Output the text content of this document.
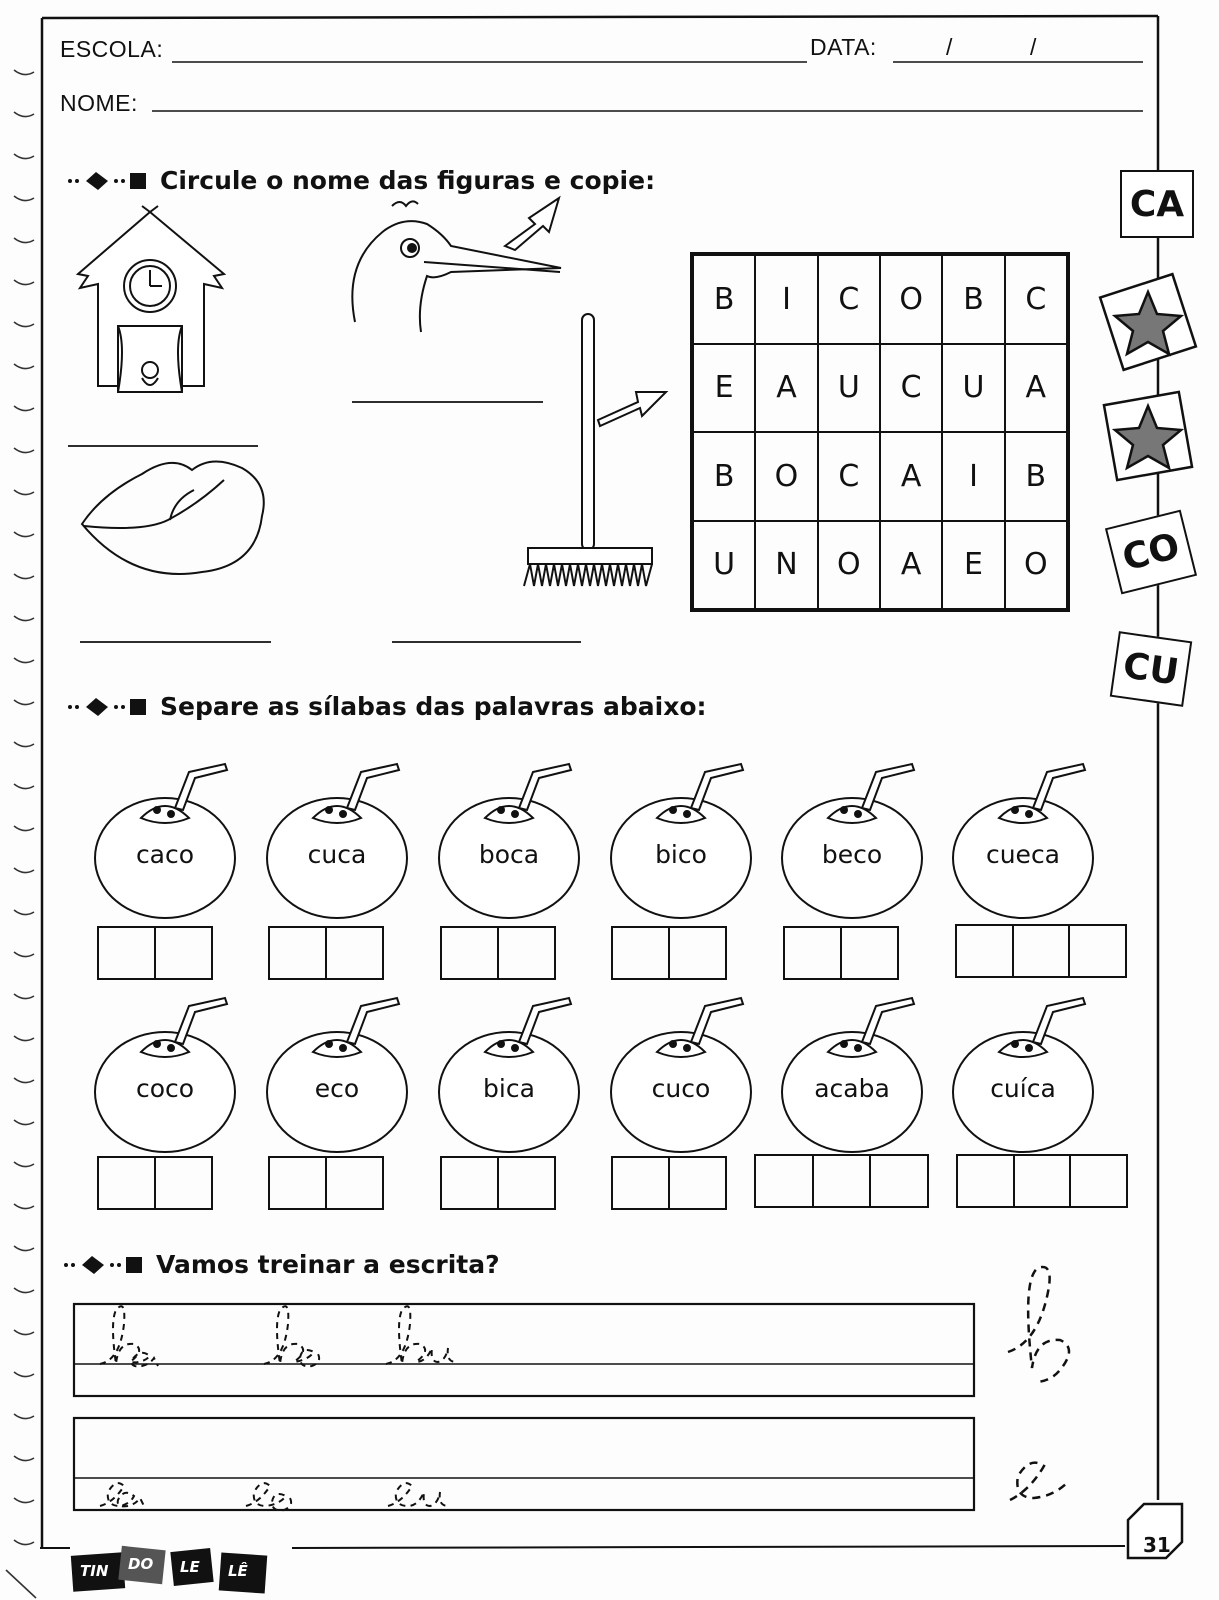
ESCOLA:	DATA:	/	/
NOME:
Circule o nome das figuras e copie:
B	I	C	O	B	C
E	A	U	C	U	A
B	O	C	A	I	B
U	N	O	A	E	O
CA
CO
CU
Separe as sílabas das palavras abaixo:
caco	cuca	boca	bico	beco	cueca
coco	eco	bica	cuco	acaba	cuíca
Vamos treinar a escrita?
31
TIN DO LE LÊ
